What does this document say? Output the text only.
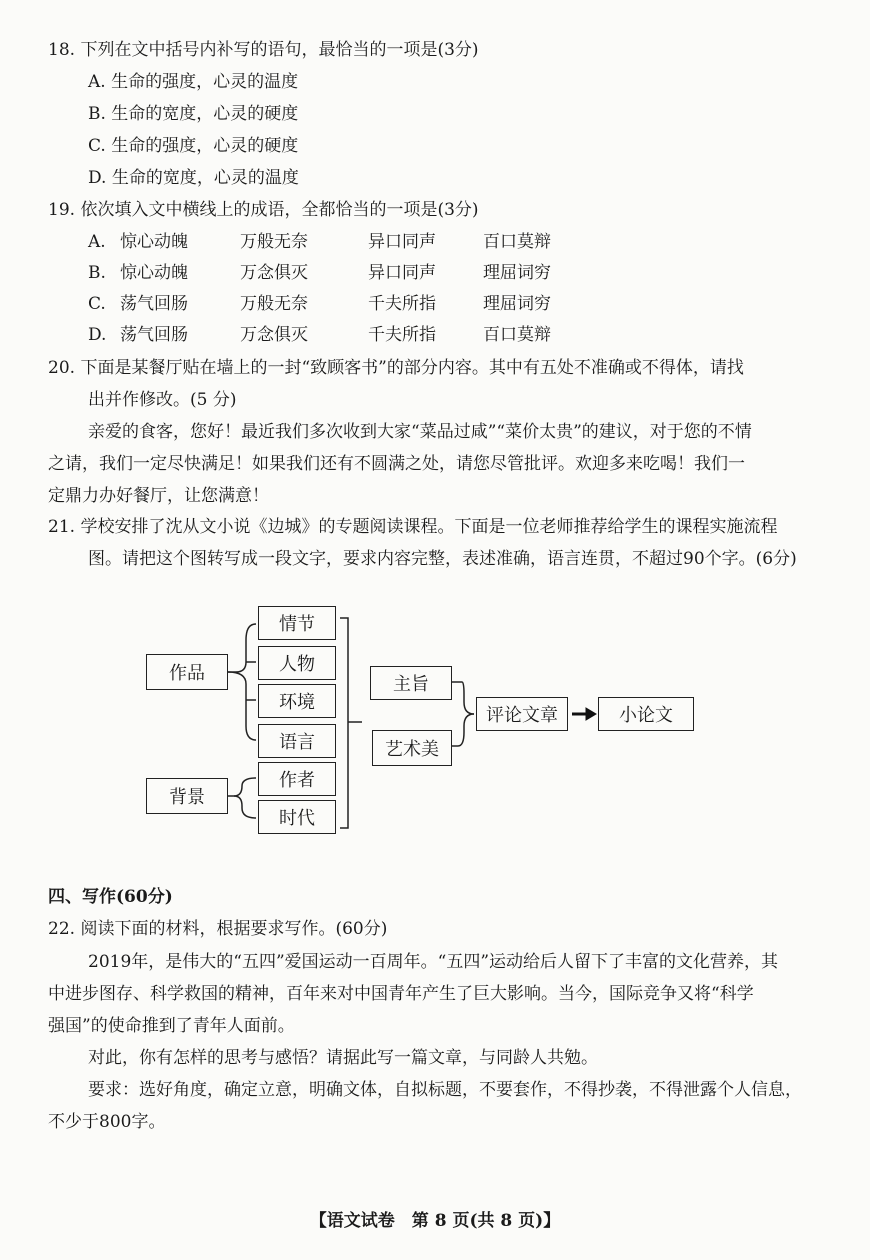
18. 下列在文中括号内补写的语句，最恰当的一项是(3分)
A. 生命的强度，心灵的温度
B. 生命的宽度，心灵的硬度
C. 生命的强度，心灵的硬度
D. 生命的宽度，心灵的温度
19. 依次填入文中横线上的成语，全都恰当的一项是(3分)
A. 惊心动魄	万般无奈	异口同声	百口莫辩
B. 惊心动魄	万念俱灭	异口同声	理屈词穷
C. 荡气回肠	万般无奈	千夫所指	理屈词穷
D. 荡气回肠	万念俱灭	千夫所指	百口莫辩
20. 下面是某餐厅贴在墙上的一封“致顾客书”的部分内容。其中有五处不准确或不得体，请找
出并作修改。(5 分)
亲爱的食客，您好！最近我们多次收到大家“菜品过咸”“菜价太贵”的建议，对于您的不情
之请，我们一定尽快满足！如果我们还有不圆满之处，请您尽管批评。欢迎多来吃喝！我们一
定鼎力办好餐厅，让您满意！
21. 学校安排了沈从文小说《边城》的专题阅读课程。下面是一位老师推荐给学生的课程实施流程
图。请把这个图转写成一段文字，要求内容完整，表述准确，语言连贯，不超过90个字。(6分)
作品
背景
情节
人物
环境
语言
作者
时代
主旨
艺术美
评论文章	小论文
四、写作(60分)
22. 阅读下面的材料，根据要求写作。(60分)
2019年，是伟大的“五四”爱国运动一百周年。“五四”运动给后人留下了丰富的文化营养，其
中进步图存、科学救国的精神，百年来对中国青年产生了巨大影响。当今，国际竞争又将“科学
强国”的使命推到了青年人面前。
对此，你有怎样的思考与感悟？请据此写一篇文章，与同龄人共勉。
要求：选好角度，确定立意，明确文体，自拟标题，不要套作，不得抄袭，不得泄露个人信息，
不少于800字。
【语文试卷　第 8 页(共 8 页)】
